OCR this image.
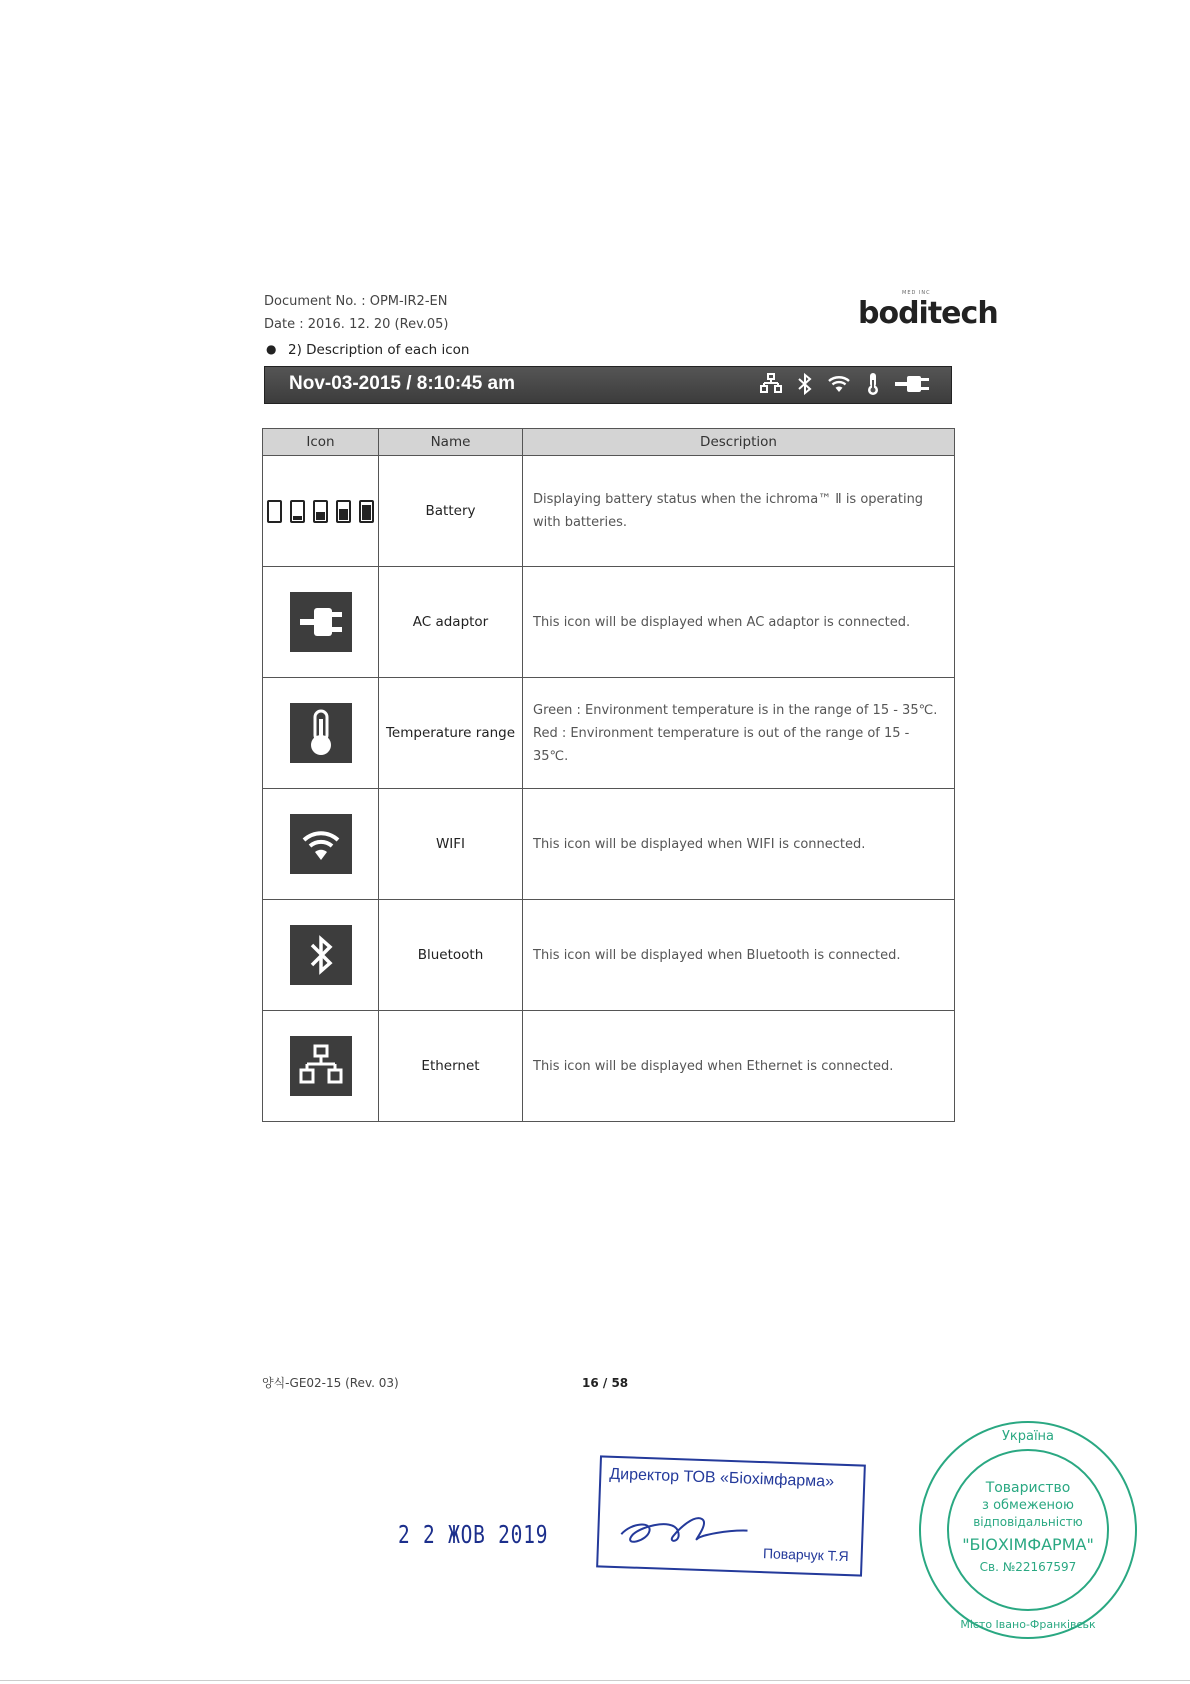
Document No. : OPM-IR2-EN
Date : 2016. 12. 20 (Rev.05)
● 2) Description of each icon
MED INC
boditech
Nov-03-2015 / 8:10:45 am
Icon	Name	Description

	Battery	Displaying battery status when the ichroma™ Ⅱ is operating with batteries.
	AC adaptor	This icon will be displayed when AC adaptor is connected.
	Temperature range	Green : Environment temperature is in the range of 15 - 35℃.
Red : Environment temperature is out of the range of 15 - 35℃.

	WIFI	This icon will be displayed when WIFI is connected.
	Bluetooth	This icon will be displayed when Bluetooth is connected.
	Ethernet	This icon will be displayed when Ethernet is connected.
양식-GE02-15 (Rev. 03)	16 / 58
2 2 ЖОВ 2019
Директор ТОВ «Біохімфарма»
Поварчук Т.Я
Україна
Товариство
з обмеженою
відповідальністю
"БІОХІМФАРМА"
Св. №22167597
Місто Івано-Франківськ
